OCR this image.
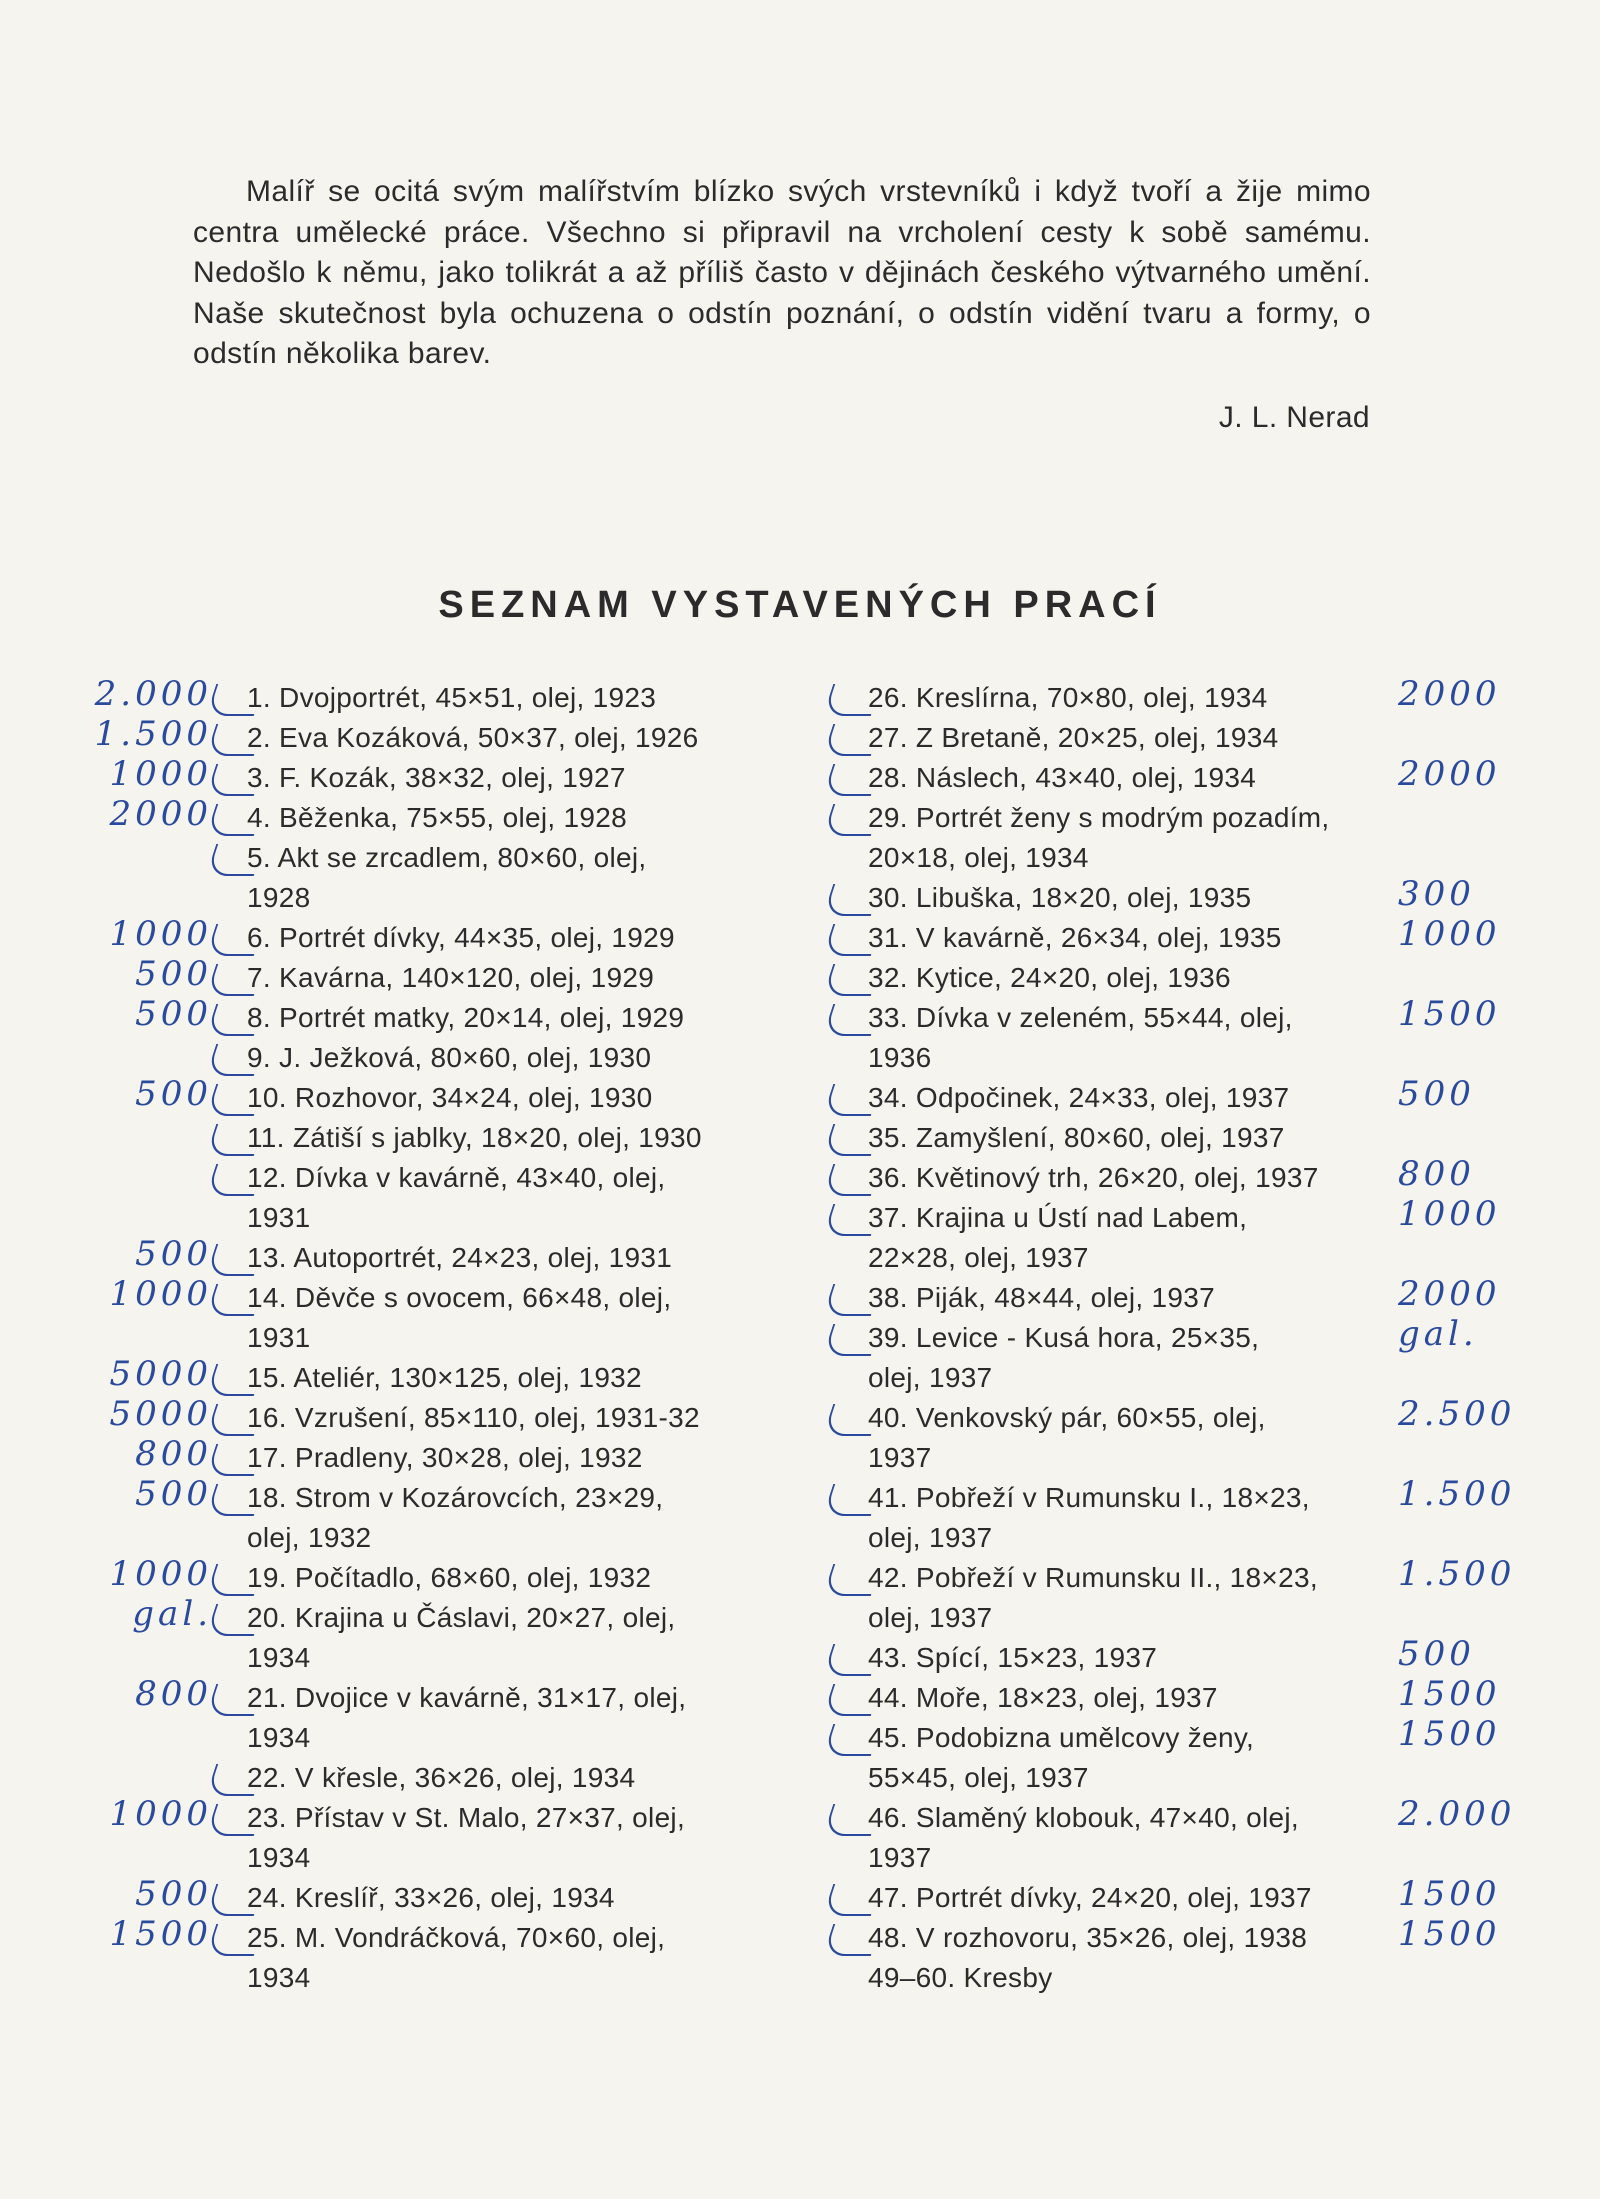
Malíř se ocitá svým malířstvím blízko svých vrstevníků i když tvoří a žije mimo centra umělecké práce. Všechno si připravil na vrcholení cesty k sobě samému. Nedošlo k němu, jako tolikrát a až příliš často v dějinách českého výtvarného umění. Naše skutečnost byla ochuzena o odstín poznání, o odstín vidění tvaru a formy, o odstín několika barev.

J. L. Nerad
SEZNAM VYSTAVENÝCH PRACÍ
2.000 1. Dvojportrét, 45×51, olej, 1923
1.500 2. Eva Kozáková, 50×37, olej, 1926
1000 3. F. Kozák, 38×32, olej, 1927
2000 4. Běženka, 75×55, olej, 1928
5. Akt se zrcadlem, 80×60, olej,
1928
1000 6. Portrét dívky, 44×35, olej, 1929
500 7. Kavárna, 140×120, olej, 1929
500 8. Portrét matky, 20×14, olej, 1929
9. J. Ježková, 80×60, olej, 1930
500 10. Rozhovor, 34×24, olej, 1930
11. Zátiší s jablky, 18×20, olej, 1930
12. Dívka v kavárně, 43×40, olej,
1931
500 13. Autoportrét, 24×23, olej, 1931
1000 14. Děvče s ovocem, 66×48, olej,
1931
5000 15. Ateliér, 130×125, olej, 1932
5000 16. Vzrušení, 85×110, olej, 1931-32
800 17. Pradleny, 30×28, olej, 1932
500 18. Strom v Kozárovcích, 23×29,
olej, 1932
1000 19. Počítadlo, 68×60, olej, 1932
gal. 20. Krajina u Čáslavi, 20×27, olej,
1934
800 21. Dvojice v kavárně, 31×17, olej,
1934
22. V křesle, 36×26, olej, 1934
1000 23. Přístav v St. Malo, 27×37, olej,
1934
500 24. Kreslíř, 33×26, olej, 1934
1500 25. M. Vondráčková, 70×60, olej,
1934
2000
26. Kreslírna, 70×80, olej, 1934
27. Z Bretaně, 20×25, olej, 1934
2000
28. Náslech, 43×40, olej, 1934
29. Portrét ženy s modrým pozadím,
20×18, olej, 1934
300
30. Libuška, 18×20, olej, 1935
1000
31. V kavárně, 26×34, olej, 1935
32. Kytice, 24×20, olej, 1936
1500
33. Dívka v zeleném, 55×44, olej,
1936
500
34. Odpočinek, 24×33, olej, 1937
35. Zamyšlení, 80×60, olej, 1937
800
36. Květinový trh, 26×20, olej, 1937
1000
37. Krajina u Ústí nad Labem,
22×28, olej, 1937
2000
38. Piják, 48×44, olej, 1937
gal.
39. Levice - Kusá hora, 25×35,
olej, 1937
2.500
40. Venkovský pár, 60×55, olej,
1937
1.500
41. Pobřeží v Rumunsku I., 18×23,
olej, 1937
1.500
42. Pobřeží v Rumunsku II., 18×23,
olej, 1937
500
43. Spící, 15×23, 1937
1500
44. Moře, 18×23, olej, 1937
1500
45. Podobizna umělcovy ženy,
55×45, olej, 1937
2.000
46. Slaměný klobouk, 47×40, olej,
1937
1500
47. Portrét dívky, 24×20, olej, 1937
1500
48. V rozhovoru, 35×26, olej, 1938
49–60. Kresby
